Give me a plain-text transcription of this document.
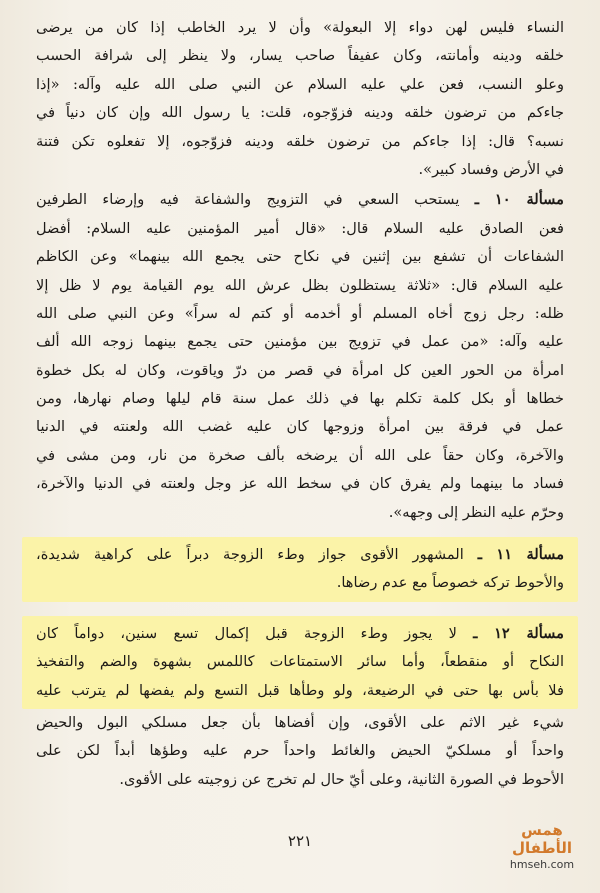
النساء فليس لهن دواء إلا البعولة» وأن لا يرد الخاطب إذا كان من يرضى
خلقه ودينه وأمانته، وكان عفيفاً صاحب يسار، ولا ينظر إلى شرافة الحسب
وعلو النسب، فعن علي عليه السلام عن النبي صلى الله عليه وآله: «إذا
جاءكم من ترضون خلقه ودينه فزوّجوه، قلت: يا رسول الله وإن كان دنياً في
نسبه؟ قال: إذا جاءكم من ترضون خلقه ودينه فزوّجوه، إلا تفعلوه تكن فتنة
في الأرض وفساد كبير».
مسألة ١٠ ـ يستحب السعي في التزويج والشفاعة فيه وإرضاء الطرفين
فعن الصادق عليه السلام قال: «قال أمير المؤمنين عليه السلام: أفضل
الشفاعات أن تشفع بين إثنين في نكاح حتى يجمع الله بينهما» وعن الكاظم
عليه السلام قال: «ثلاثة يستظلون بظل عرش الله يوم القيامة يوم لا ظل إلا
ظله: رجل زوج أخاه المسلم أو أخدمه أو كتم له سراً» وعن النبي صلى الله
عليه وآله: «من عمل في تزويج بين مؤمنين حتى يجمع بينهما زوجه الله ألف
امرأة من الحور العين كل امرأة في قصر من درّ وياقوت، وكان له بكل خطوة
خطاها أو بكل كلمة تكلم بها في ذلك عمل سنة قام ليلها وصام نهارها، ومن
عمل في فرقة بين امرأة وزوجها كان عليه غضب الله ولعنته في الدنيا
والآخرة، وكان حقاً على الله أن يرضخه بألف صخرة من نار، ومن مشى في
فساد ما بينهما ولم يفرق كان في سخط الله عز وجل ولعنته في الدنيا والآخرة،
وحرّم عليه النظر إلى وجهه».
مسألة ١١ ـ المشهور الأقوى جواز وطء الزوجة دبراً على كراهية شديدة،
والأحوط تركه خصوصاً مع عدم رضاها.
مسألة ١٢ ـ لا يجوز وطء الزوجة قبل إكمال تسع سنين، دواماً كان
النكاح أو منقطعاً، وأما سائر الاستمتاعات كاللمس بشهوة والضم والتفخيذ
فلا بأس بها حتى في الرضيعة، ولو وطأها قبل التسع ولم يفضها لم يترتب عليه
شيء غير الاثم على الأقوى، وإن أفضاها بأن جعل مسلكي البول والحيض
واحداً أو مسلكيّ الحيض والغائط واحداً حرم عليه وطؤها أبداً لكن على
الأحوط في الصورة الثانية، وعلى أيّ حال لم تخرج عن زوجيته على الأقوى.
٢٢١
همس الأطفال
hmseh.com
